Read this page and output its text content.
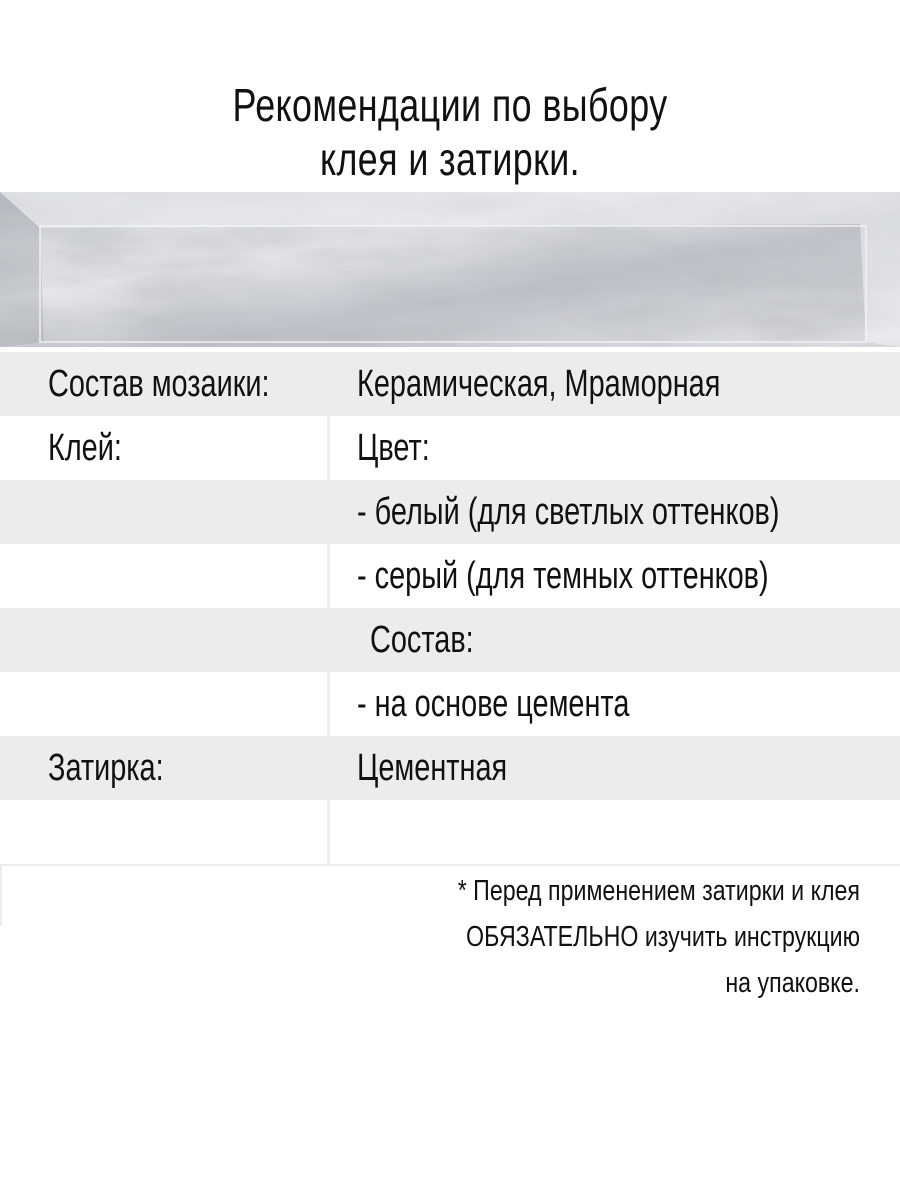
Рекомендации по выбору
клея и затирки.
Состав мозаики: Керамическая, Мраморная
Клей:	Цвет:
- белый (для светлых оттенков)
- серый (для темных оттенков)
Состав:
- на основе цемента
Затирка:	Цементная
* Перед применением затирки и клея
ОБЯЗАТЕЛЬНО изучить инструкцию
на упаковке.
